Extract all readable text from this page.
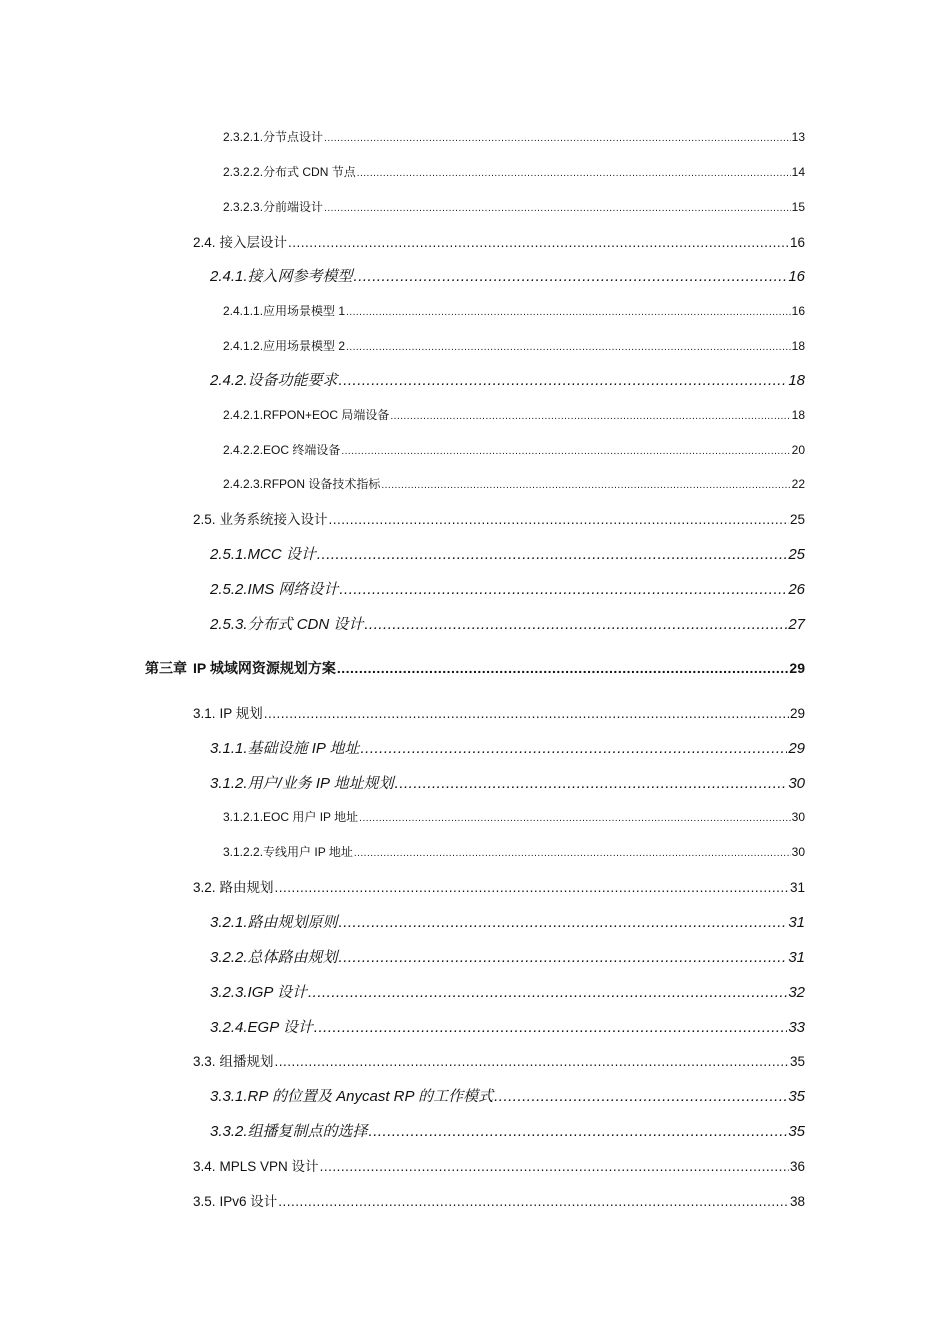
2.3.2.1. 分节点设计 .....	13
2.3.2.2. 分布式 CDN 节点 .....	14
2.3.2.3. 分前端设计 .....	15
2.4. 接入层设计 .....	16
2.4.1. 接入网参考模型 .....	16
2.4.1.1. 应用场景模型 1 .....	16
2.4.1.2. 应用场景模型 2 .....	18
2.4.2. 设备功能要求 .....	18
2.4.2.1. RFPON+EOC 局端设备 .....	18
2.4.2.2. EOC 终端设备 .....	20
2.4.2.3. RFPON 设备技术指标 .....	22
2.5. 业务系统接入设计 .....	25
2.5.1. MCC 设计 .....	25
2.5.2. IMS 网络设计 .....	26
2.5.3. 分布式 CDN 设计 .....	27
第三章 IP 城域网资源规划方案 .....	29
3.1. IP 规划 .....	29
3.1.1. 基础设施 IP 地址 .....	29
3.1.2. 用户/业务 IP 地址规划 .....	30
3.1.2.1. EOC 用户 IP 地址 .....	30
3.1.2.2. 专线用户 IP 地址 .....	30
3.2. 路由规划 .....	31
3.2.1. 路由规划原则 .....	31
3.2.2. 总体路由规划 .....	31
3.2.3. IGP 设计 .....	32
3.2.4. EGP 设计 .....	33
3.3. 组播规划 .....	35
3.3.1. RP 的位置及 Anycast RP 的工作模式 .....	35
3.3.2. 组播复制点的选择 .....	35
3.4. MPLS VPN 设计 .....	36
3.5. IPv6 设计 .....	38
